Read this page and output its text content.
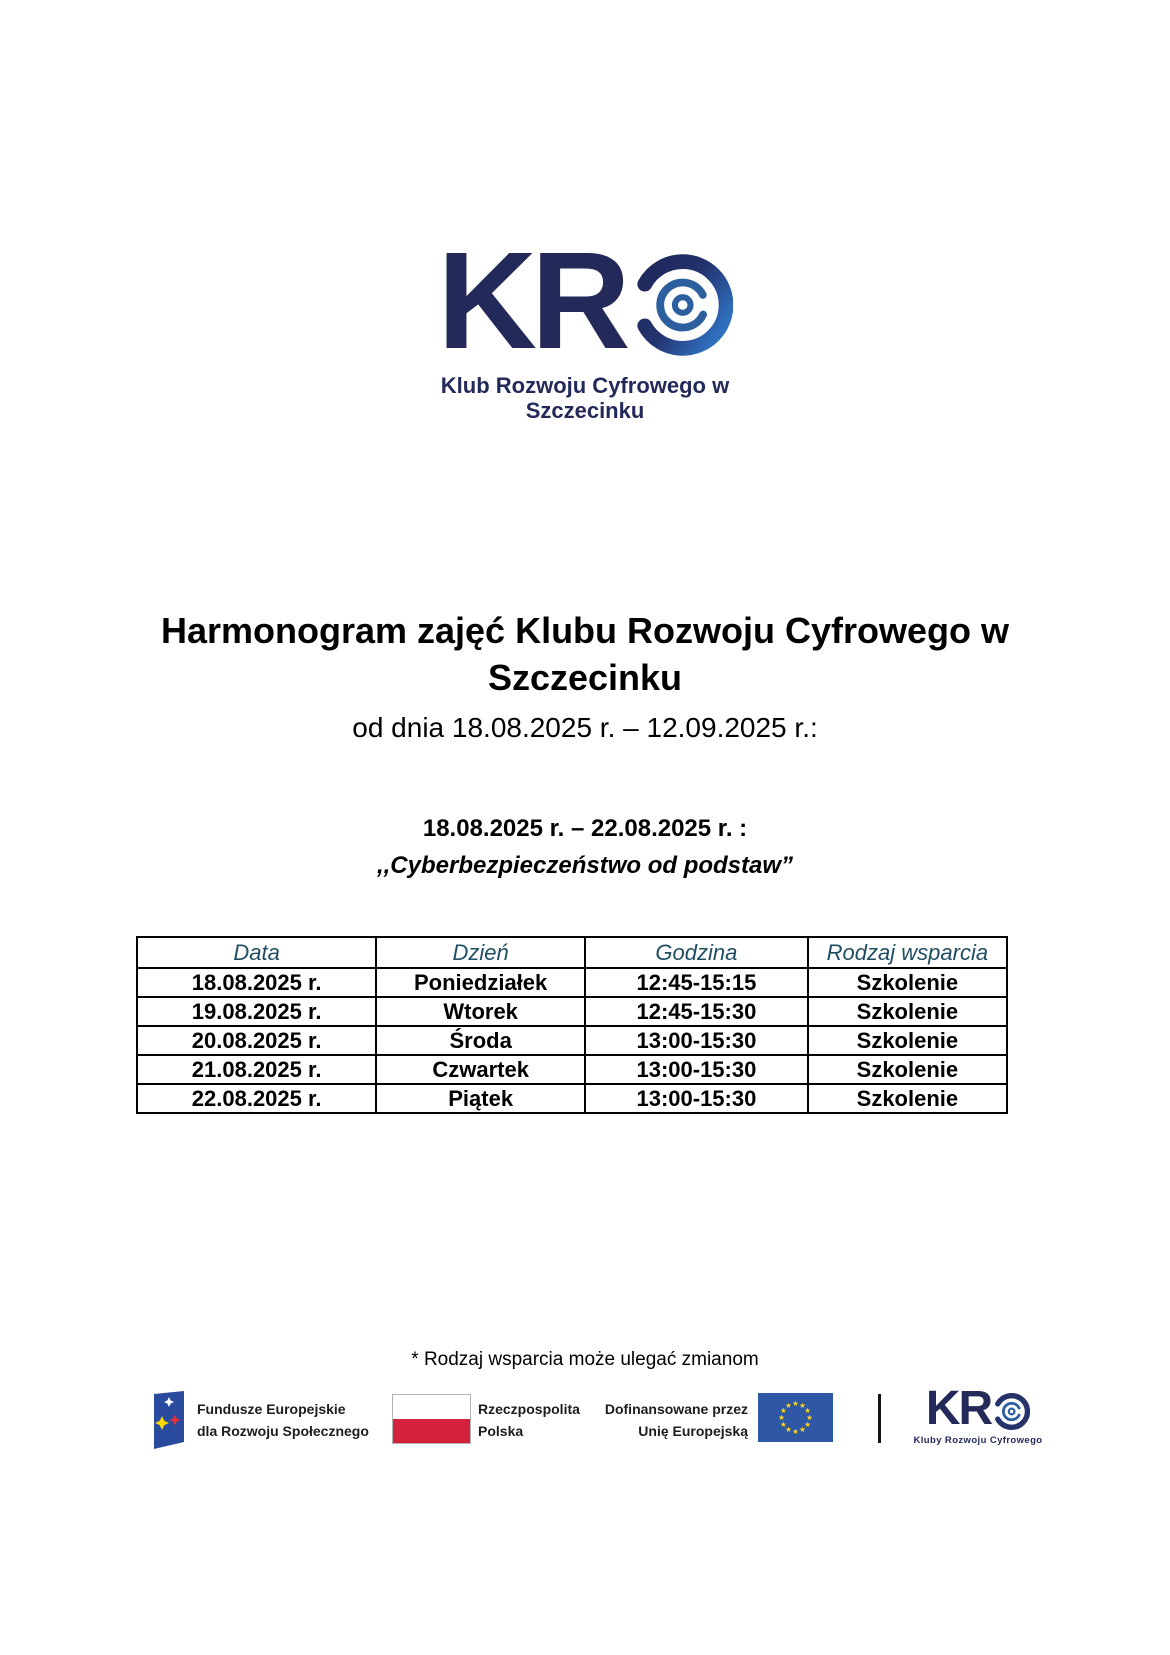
KR
Klub Rozwoju Cyfrowego w
Szczecinku
Harmonogram zajęć Klubu Rozwoju Cyfrowego w
Szczecinku
od dnia 18.08.2025 r. – 12.09.2025 r.:
18.08.2025 r. – 22.08.2025 r. :
,,Cyberbezpieczeństwo od podstaw”
Data	Dzień	Godzina	Rodzaj wsparcia
18.08.2025 r.	Poniedziałek	12:45-15:15	Szkolenie
19.08.2025 r.	Wtorek	12:45-15:30	Szkolenie
20.08.2025 r.	Środa	13:00-15:30	Szkolenie
21.08.2025 r.	Czwartek	13:00-15:30	Szkolenie
22.08.2025 r.	Piątek	13:00-15:30	Szkolenie
* Rodzaj wsparcia może ulegać zmianom
Fundusze Europejskie
dla Rozwoju Społecznego
Rzeczpospolita
Polska
Dofinansowane przez
Unię Europejską
★ ★
★
★
★
★
★
★
★
★
★
★	KR
Kluby Rozwoju Cyfrowego
